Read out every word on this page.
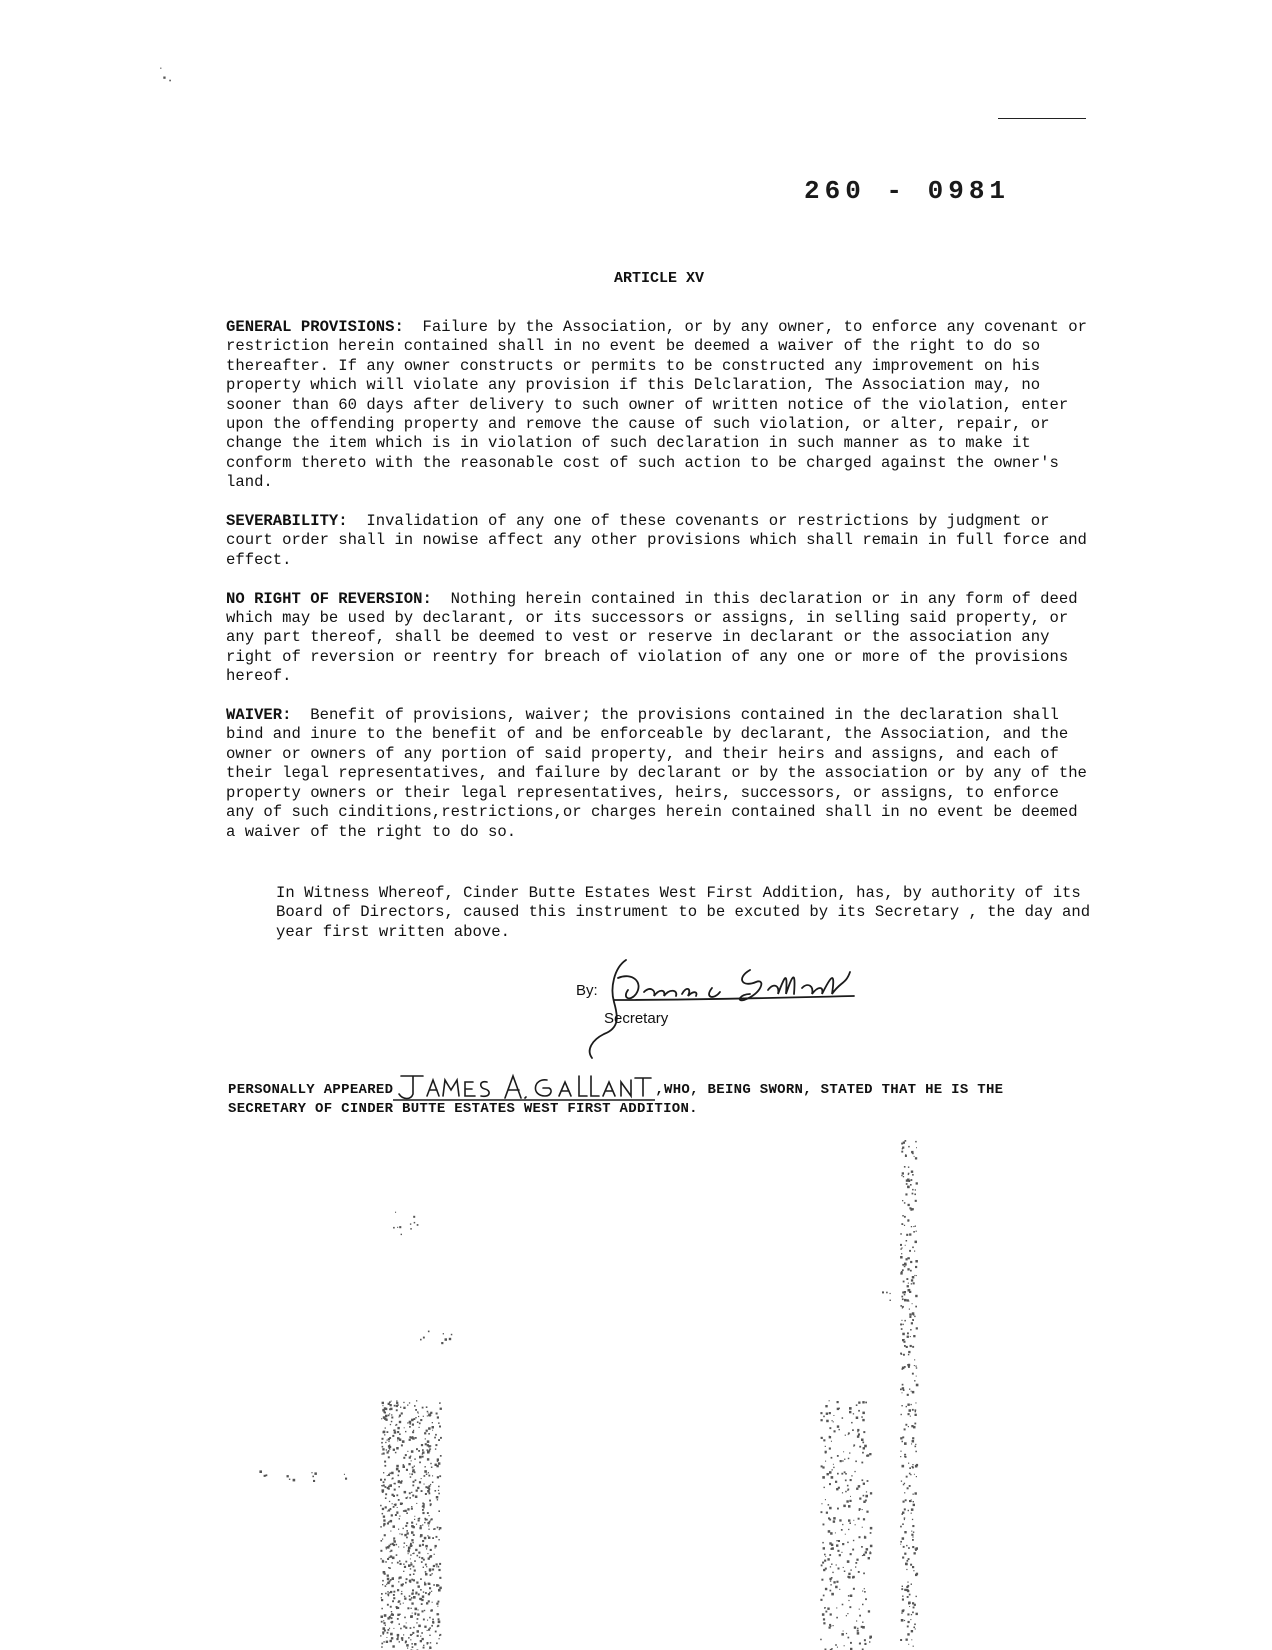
260 - 0981
ARTICLE XV

GENERAL PROVISIONS: Failure by the Association, or by any owner, to enforce any covenant or restriction herein contained shall in no event be deemed a waiver of the right to do so thereafter. If any owner constructs or permits to be constructed any improvement on his property which will violate any provision if this Delclaration, The Association may, no sooner than 60 days after delivery to such owner of written notice of the violation, enter upon the offending property and remove the cause of such violation, or alter, repair, or change the item which is in violation of such declaration in such manner as to make it conform thereto with the reasonable cost of such action to be charged against the owner's land.

SEVERABILITY: Invalidation of any one of these covenants or restrictions by judgment or court order shall in nowise affect any other provisions which shall remain in full force and effect.

NO RIGHT OF REVERSION: Nothing herein contained in this declaration or in any form of deed which may be used by declarant, or its successors or assigns, in selling said property, or any part thereof, shall be deemed to vest or reserve in declarant or the association any right of reversion or reentry for breach of violation of any one or more of the provisions hereof.

WAIVER: Benefit of provisions, waiver; the provisions contained in the declaration shall bind and inure to the benefit of and be enforceable by declarant, the Association, and the owner or owners of any portion of said property, and their heirs and assigns, and each of their legal representatives, and failure by declarant or by the association or by any of the property owners or their legal representatives, heirs, successors, or assigns, to enforce any of such cinditions,restrictions,or charges herein contained shall in no event be deemed a waiver of the right to do so.

In Witness Whereof, Cinder Butte Estates West First Addition, has, by authority of its Board of Directors, caused this instrument to be excuted by its Secretary , the day and year first written above.
By:
Secretary
PERSONALLY APPEARED	,WHO, BEING SWORN, STATED THAT HE IS THE SECRETARY OF CINDER BUTTE ESTATES WEST FIRST ADDITION.
